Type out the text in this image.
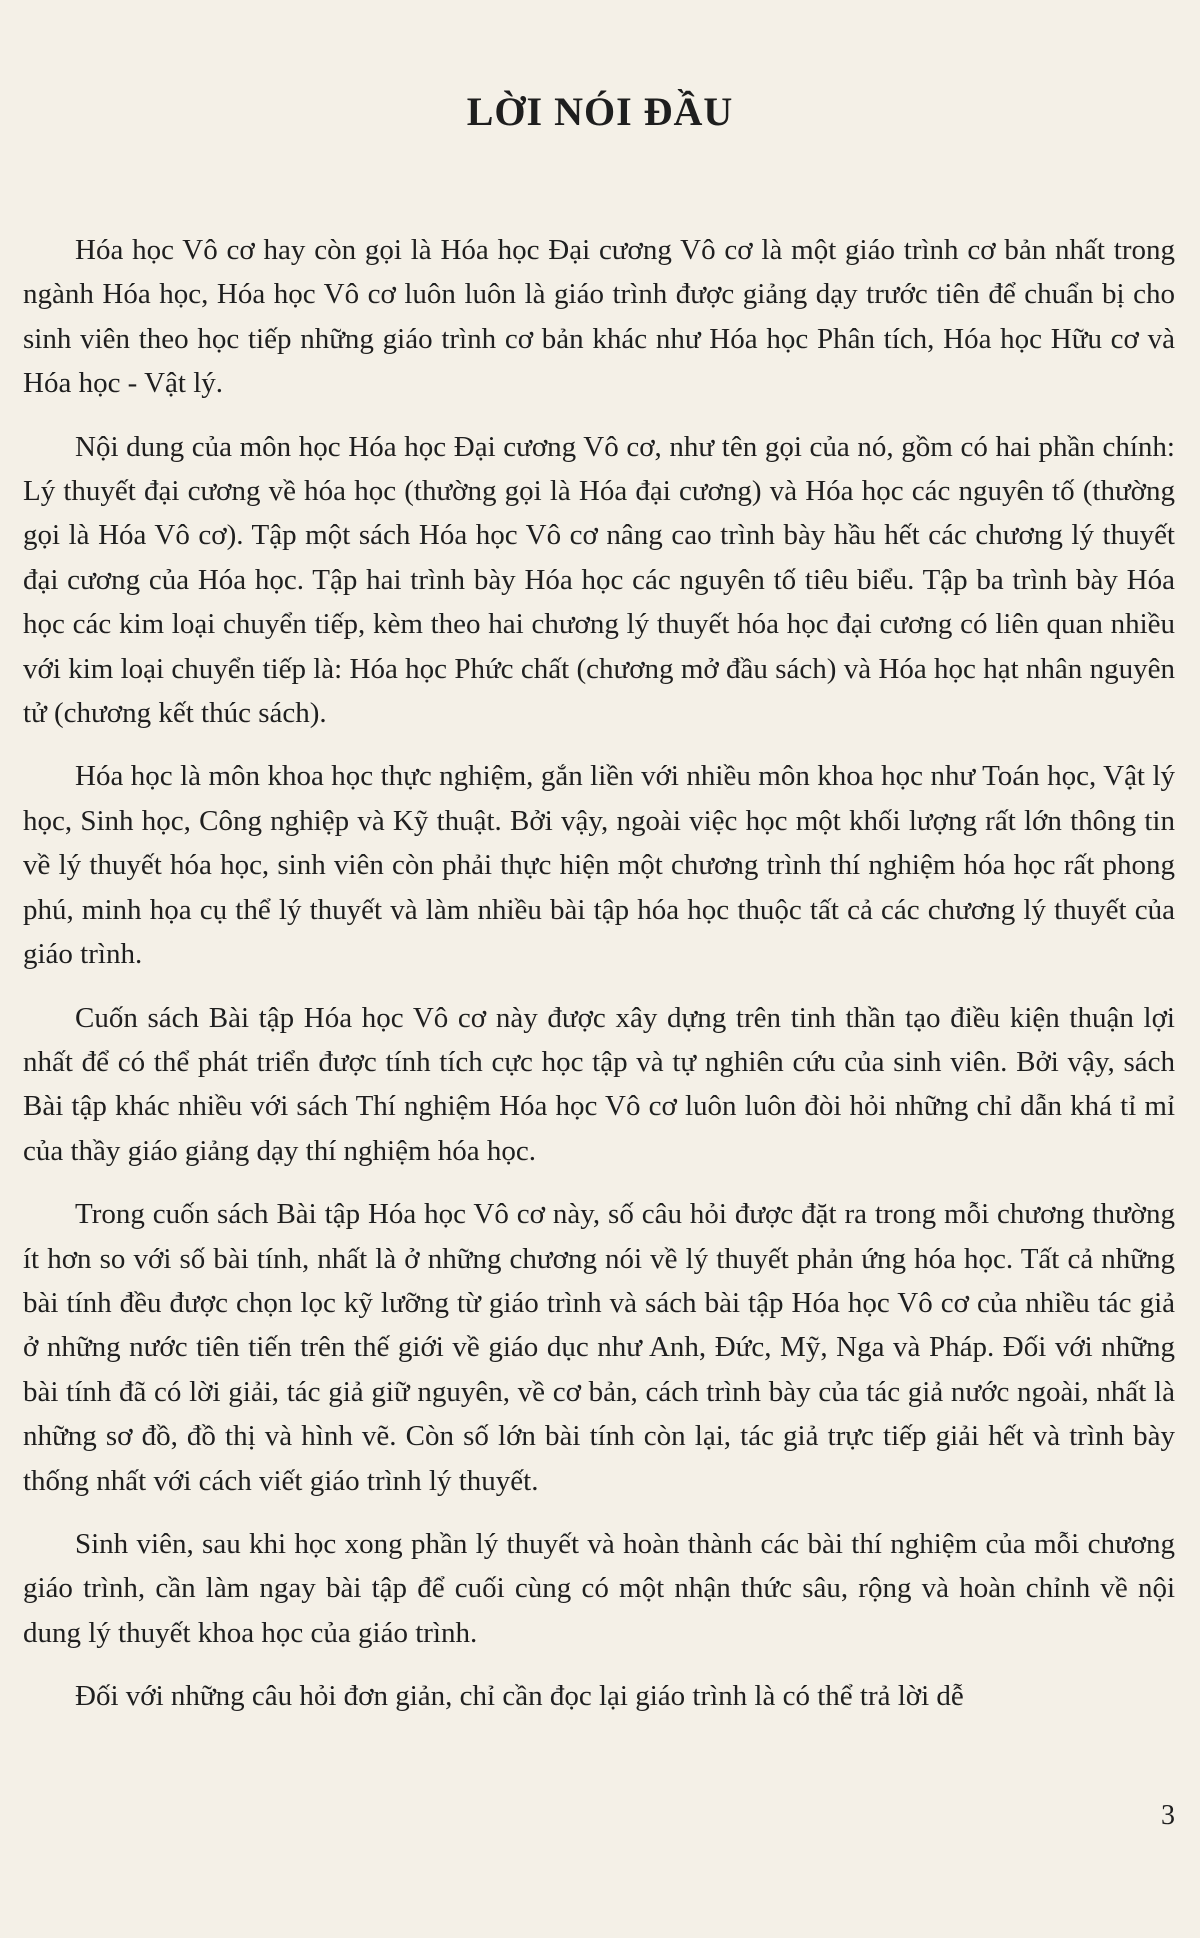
LỜI NÓI ĐẦU

Hóa học Vô cơ hay còn gọi là Hóa học Đại cương Vô cơ là một giáo trình cơ bản nhất trong ngành Hóa học, Hóa học Vô cơ luôn luôn là giáo trình được giảng dạy trước tiên để chuẩn bị cho sinh viên theo học tiếp những giáo trình cơ bản khác như Hóa học Phân tích, Hóa học Hữu cơ và Hóa học - Vật lý.

Nội dung của môn học Hóa học Đại cương Vô cơ, như tên gọi của nó, gồm có hai phần chính: Lý thuyết đại cương về hóa học (thường gọi là Hóa đại cương) và Hóa học các nguyên tố (thường gọi là Hóa Vô cơ). Tập một sách Hóa học Vô cơ nâng cao trình bày hầu hết các chương lý thuyết đại cương của Hóa học. Tập hai trình bày Hóa học các nguyên tố tiêu biểu. Tập ba trình bày Hóa học các kim loại chuyển tiếp, kèm theo hai chương lý thuyết hóa học đại cương có liên quan nhiều với kim loại chuyển tiếp là: Hóa học Phức chất (chương mở đầu sách) và Hóa học hạt nhân nguyên tử (chương kết thúc sách).

Hóa học là môn khoa học thực nghiệm, gắn liền với nhiều môn khoa học như Toán học, Vật lý học, Sinh học, Công nghiệp và Kỹ thuật. Bởi vậy, ngoài việc học một khối lượng rất lớn thông tin về lý thuyết hóa học, sinh viên còn phải thực hiện một chương trình thí nghiệm hóa học rất phong phú, minh họa cụ thể lý thuyết và làm nhiều bài tập hóa học thuộc tất cả các chương lý thuyết của giáo trình.

Cuốn sách Bài tập Hóa học Vô cơ này được xây dựng trên tinh thần tạo điều kiện thuận lợi nhất để có thể phát triển được tính tích cực học tập và tự nghiên cứu của sinh viên. Bởi vậy, sách Bài tập khác nhiều với sách Thí nghiệm Hóa học Vô cơ luôn luôn đòi hỏi những chỉ dẫn khá tỉ mỉ của thầy giáo giảng dạy thí nghiệm hóa học.

Trong cuốn sách Bài tập Hóa học Vô cơ này, số câu hỏi được đặt ra trong mỗi chương thường ít hơn so với số bài tính, nhất là ở những chương nói về lý thuyết phản ứng hóa học. Tất cả những bài tính đều được chọn lọc kỹ lưỡng từ giáo trình và sách bài tập Hóa học Vô cơ của nhiều tác giả ở những nước tiên tiến trên thế giới về giáo dục như Anh, Đức, Mỹ, Nga và Pháp. Đối với những bài tính đã có lời giải, tác giả giữ nguyên, về cơ bản, cách trình bày của tác giả nước ngoài, nhất là những sơ đồ, đồ thị và hình vẽ. Còn số lớn bài tính còn lại, tác giả trực tiếp giải hết và trình bày thống nhất với cách viết giáo trình lý thuyết.

Sinh viên, sau khi học xong phần lý thuyết và hoàn thành các bài thí nghiệm của mỗi chương giáo trình, cần làm ngay bài tập để cuối cùng có một nhận thức sâu, rộng và hoàn chỉnh về nội dung lý thuyết khoa học của giáo trình.

Đối với những câu hỏi đơn giản, chỉ cần đọc lại giáo trình là có thể trả lời dễ

3
